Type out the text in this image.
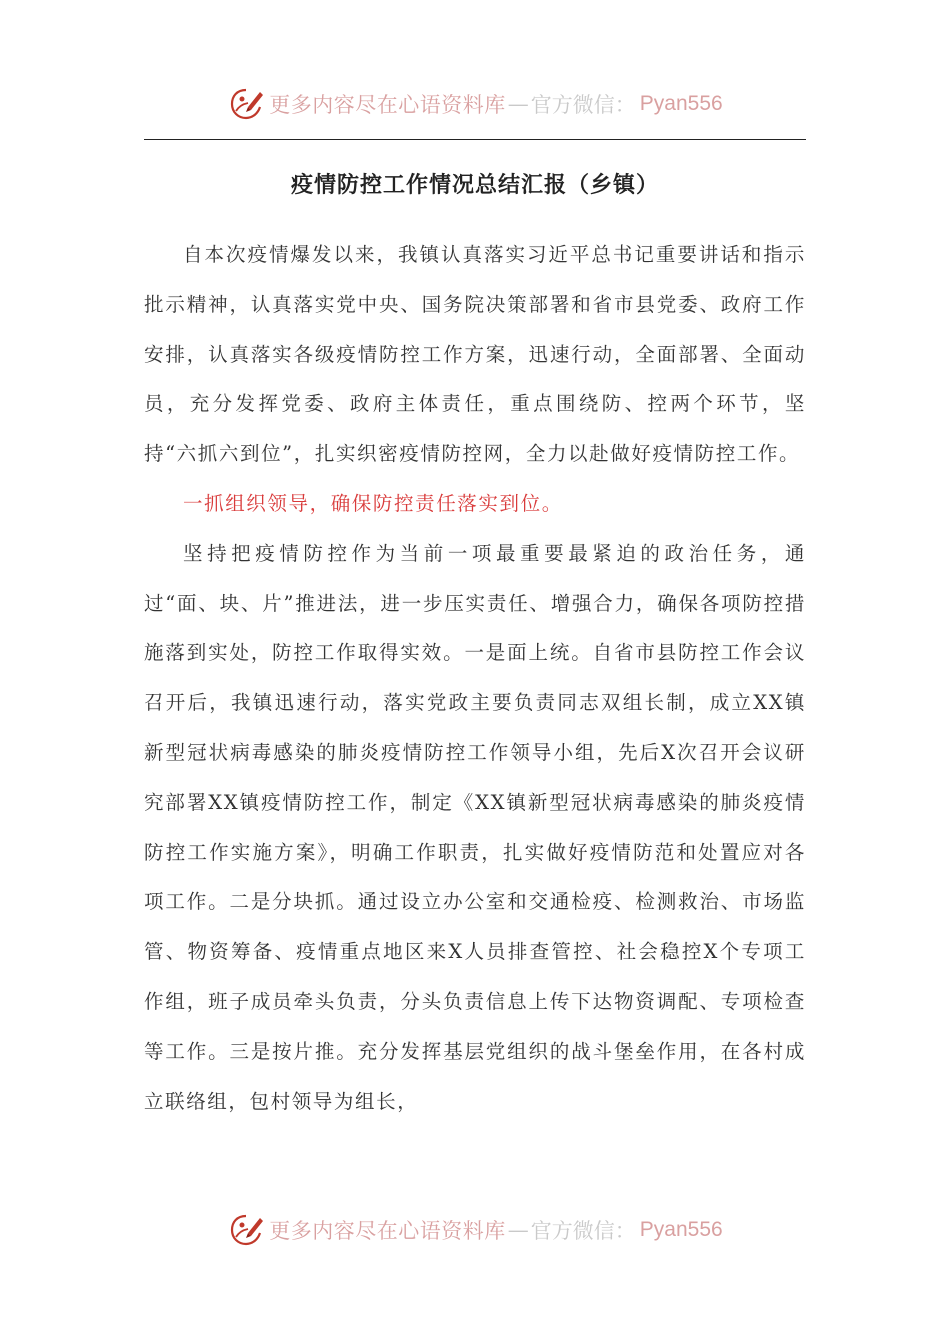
更多内容尽在心语资料库 — 官方微信： Pyan556
疫情防控工作情况总结汇报（乡镇）

自本次疫情爆发以来，我镇认真落实习近平总书记重要讲话和指示批示精神，认真落实党中央、国务院决策部署和省市县党委、政府工作安排，认真落实各级疫情防控工作方案，迅速行动，全面部署、全面动员，充分发挥党委、政府主体责任，重点围绕防、控两个环节，坚持“六抓六到位”，扎实织密疫情防控网，全力以赴做好疫情防控工作。

一抓组织领导，确保防控责任落实到位。

坚持把疫情防控作为当前一项最重要最紧迫的政治任务，通过“面、块、片”推进法，进一步压实责任、增强合力，确保各项防控措施落到实处，防控工作取得实效。一是面上统。自省市县防控工作会议召开后，我镇迅速行动，落实党政主要负责同志双组长制，成立XX镇新型冠状病毒感染的肺炎疫情防控工作领导小组，先后X次召开会议研究部署XX镇疫情防控工作，制定《XX镇新型冠状病毒感染的肺炎疫情防控工作实施方案》，明确工作职责，扎实做好疫情防范和处置应对各项工作。二是分块抓。通过设立办公室和交通检疫、检测救治、市场监管、物资筹备、疫情重点地区来X人员排查管控、社会稳控X个专项工作组，班子成员牵头负责，分头负责信息上传下达物资调配、专项检查等工作。三是按片推。充分发挥基层党组织的战斗堡垒作用，在各村成立联络组，包村领导为组长，

更多内容尽在心语资料库 — 官方微信： Pyan556
